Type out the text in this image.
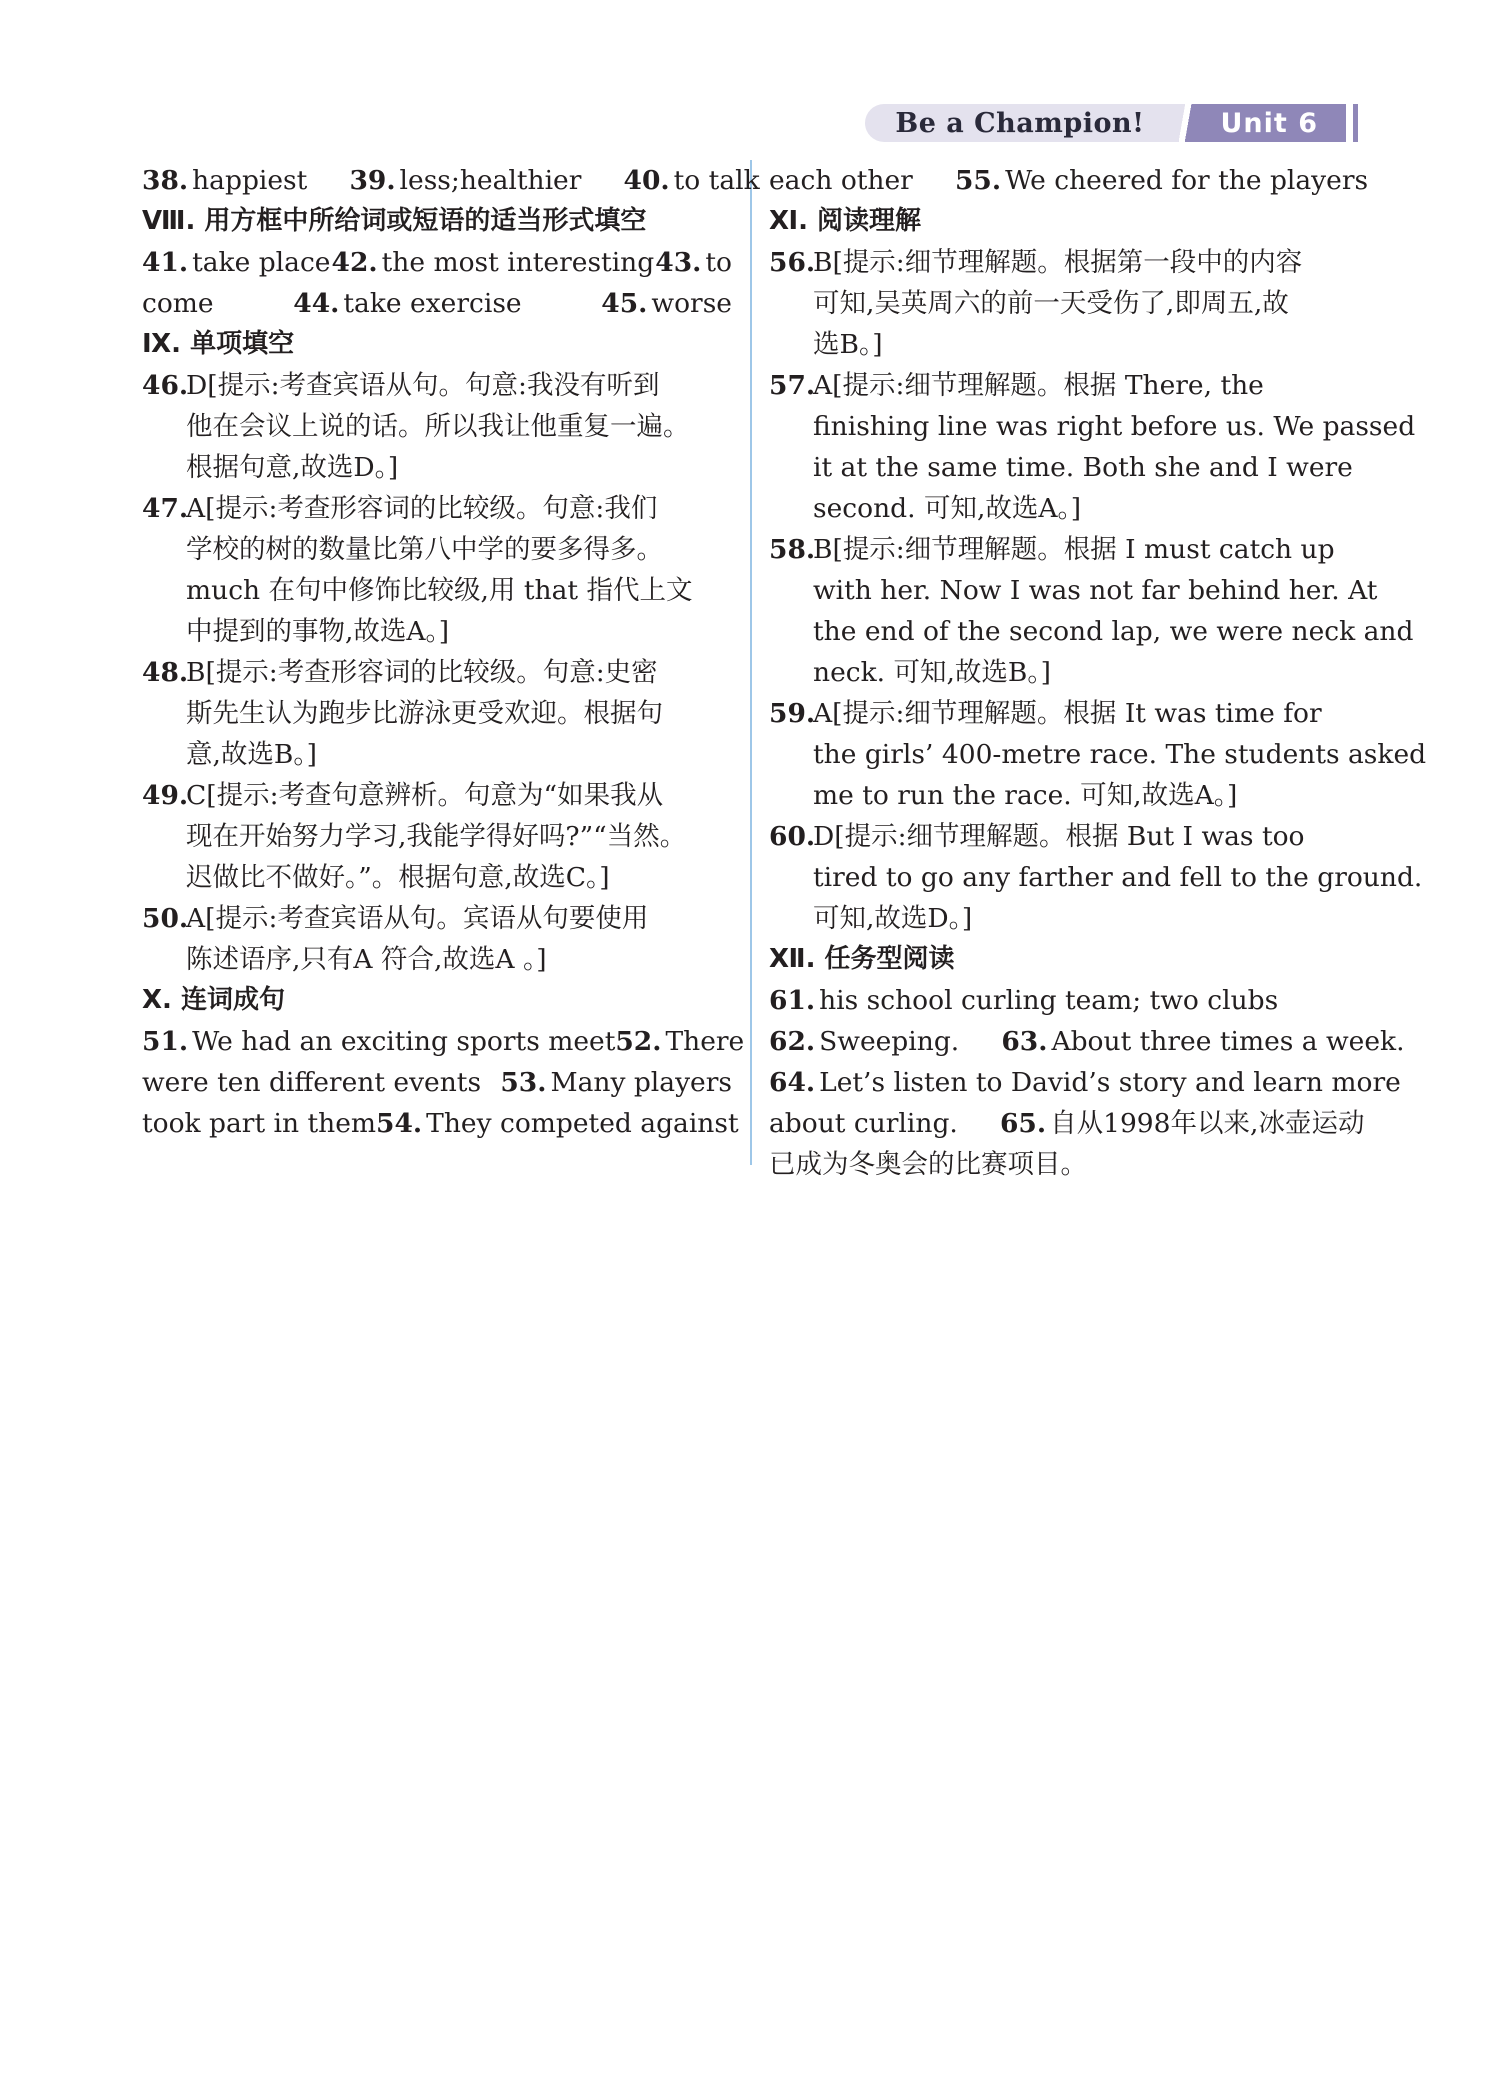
Be a Champion!	Unit 6
38. happiest 39. less;healthier 40. to talk
Ⅷ. 用方框中所给词或短语的适当形式填空
41. take place 42. the most interesting 43. to
come	44. take exercise	45. worse
Ⅸ. 单项填空
46.
D[提示:考查宾语从句。句意:我没有听到
他在会议上说的话。所以我让他重复一遍。
根据句意,故选D。]
47.
A[提示:考查形容词的比较级。句意:我们
学校的树的数量比第八中学的要多得多。
much 在句中修饰比较级,用 that 指代上文
中提到的事物,故选A。]
48.
B[提示:考查形容词的比较级。句意:史密
斯先生认为跑步比游泳更受欢迎。根据句
意,故选B。]
49.
C[提示:考查句意辨析。句意为“如果我从
现在开始努力学习,我能学得好吗?”“当然。
迟做比不做好。”。根据句意,故选C。]
50.
A[提示:考查宾语从句。宾语从句要使用
陈述语序,只有A 符合,故选A 。]
Ⅹ. 连词成句
51. We had an exciting sports meet 52. There
were ten different events 53. Many players
took part in them 54. They competed against
each other 55. We cheered for the players
Ⅺ. 阅读理解
56.
B[提示:细节理解题。根据第一段中的内容
可知,吴英周六的前一天受伤了,即周五,故
选B。]
57.
A[提示:细节理解题。根据 There, the
finishing line was right before us. We passed
it at the same time. Both she and I were
second. 可知,故选A。]
58.
B[提示:细节理解题。根据 I must catch up
with her. Now I was not far behind her. At
the end of the second lap, we were neck and
neck. 可知,故选B。]
59.
A[提示:细节理解题。根据 It was time for
the girls’ 400-metre race. The students asked
me to run the race. 可知,故选A。]
60.
D[提示:细节理解题。根据 But I was too
tired to go any farther and fell to the ground.
可知,故选D。]
Ⅻ. 任务型阅读
61. his school curling team; two clubs
62. Sweeping. 63. About three times a week.
64. Let’s listen to David’s story and learn more
about curling. 65. 自从1998年以来,冰壶运动
已成为冬奥会的比赛项目。
